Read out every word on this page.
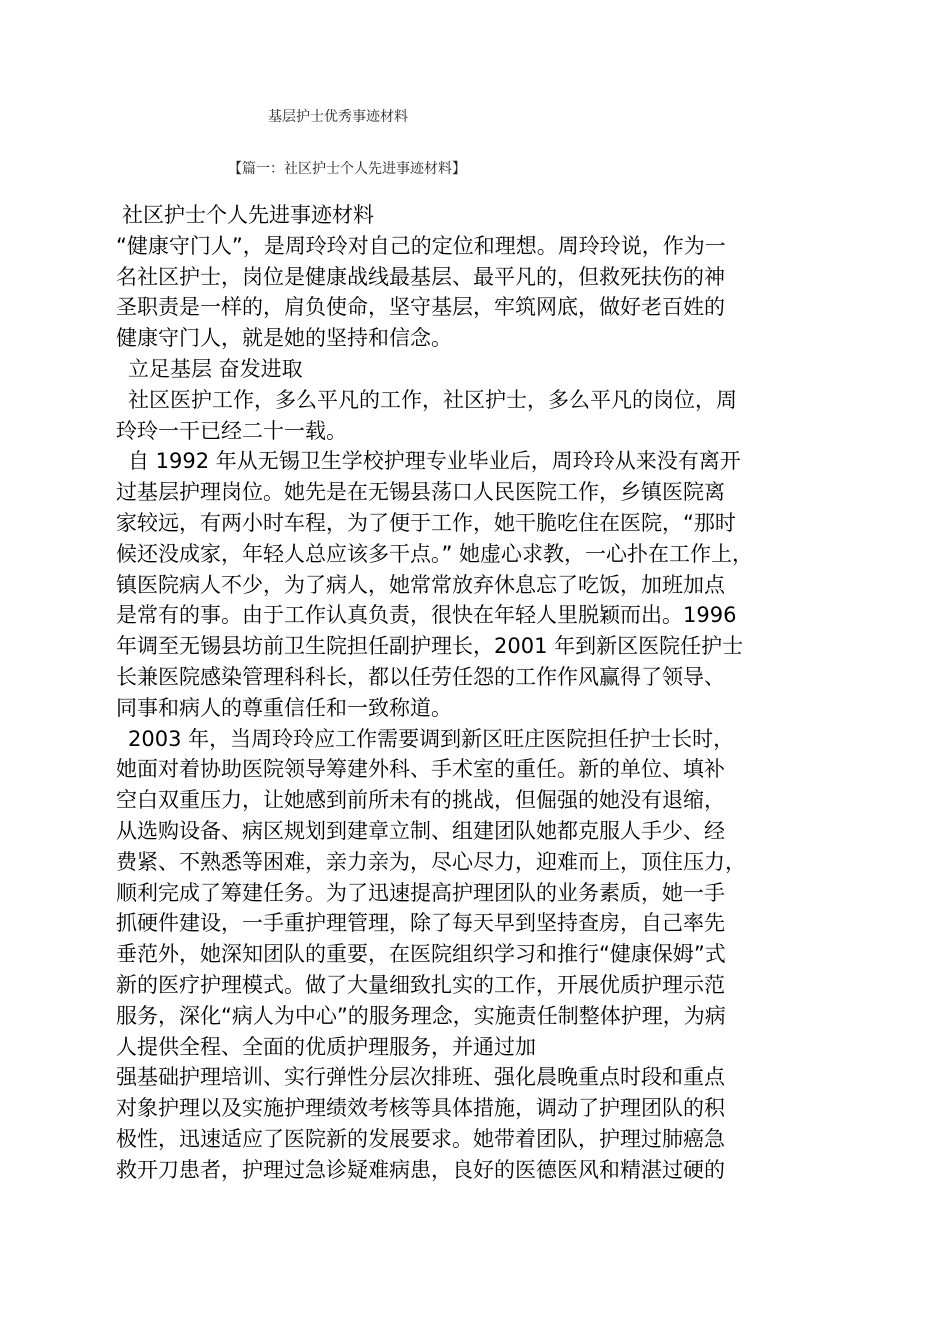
基层护士优秀事迹材料
【篇一：社区护士个人先进事迹材料】
社区护士个人先进事迹材料
“健康守门人”，是周玲玲对自己的定位和理想。周玲玲说，作为一
名社区护士，岗位是健康战线最基层、最平凡的，但救死扶伤的神
圣职责是一样的，肩负使命，坚守基层，牢筑网底，做好老百姓的
健康守门人，就是她的坚持和信念。
立足基层 奋发进取
社区医护工作，多么平凡的工作，社区护士，多么平凡的岗位，周
玲玲一干已经二十一载。
自 1992 年从无锡卫生学校护理专业毕业后，周玲玲从来没有离开
过基层护理岗位。她先是在无锡县荡口人民医院工作，乡镇医院离
家较远，有两小时车程，为了便于工作，她干脆吃住在医院，“那时
候还没成家，年轻人总应该多干点。” 她虚心求教，一心扑在工作上，
镇医院病人不少，为了病人，她常常放弃休息忘了吃饭，加班加点
是常有的事。由于工作认真负责，很快在年轻人里脱颖而出。1996
年调至无锡县坊前卫生院担任副护理长，2001 年到新区医院任护士
长兼医院感染管理科科长，都以任劳任怨的工作作风赢得了领导、
同事和病人的尊重信任和一致称道。
2003 年，当周玲玲应工作需要调到新区旺庄医院担任护士长时，
她面对着协助医院领导筹建外科、手术室的重任。新的单位、填补
空白双重压力，让她感到前所未有的挑战，但倔强的她没有退缩，
从选购设备、病区规划到建章立制、组建团队她都克服人手少、经
费紧、不熟悉等困难，亲力亲为，尽心尽力，迎难而上，顶住压力，
顺利完成了筹建任务。为了迅速提高护理团队的业务素质，她一手
抓硬件建设，一手重护理管理，除了每天早到坚持查房，自己率先
垂范外，她深知团队的重要，在医院组织学习和推行“健康保姆”式
新的医疗护理模式。做了大量细致扎实的工作，开展优质护理示范
服务，深化“病人为中心”的服务理念，实施责任制整体护理，为病
人提供全程、全面的优质护理服务，并通过加
强基础护理培训、实行弹性分层次排班、强化晨晚重点时段和重点
对象护理以及实施护理绩效考核等具体措施，调动了护理团队的积
极性，迅速适应了医院新的发展要求。她带着团队，护理过肺癌急
救开刀患者，护理过急诊疑难病患，良好的医德医风和精湛过硬的
